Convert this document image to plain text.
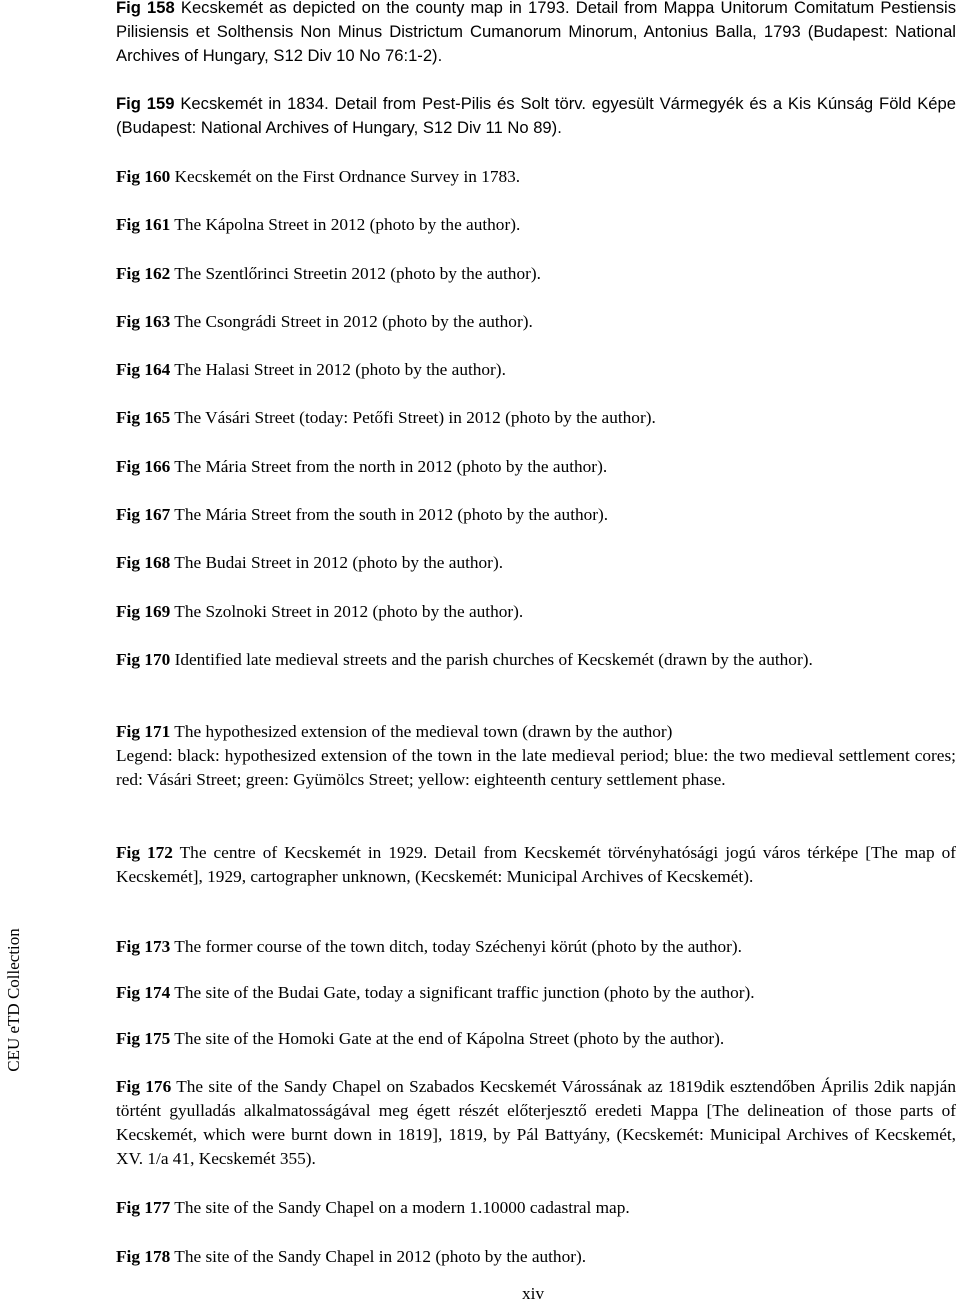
Fig 158 Kecskemét as depicted on the county map in 1793. Detail from Mappa Unitorum Comitatum Pestiensis Pilisiensis et Solthensis Non Minus Districtum Cumanorum Minorum, Antonius Balla, 1793 (Budapest: National Archives of Hungary, S12 Div 10 No 76:1-2).

Fig 159 Kecskemét in 1834. Detail from Pest-Pilis és Solt törv. egyesült Vármegyék és a Kis Kúnság Föld Képe (Budapest: National Archives of Hungary, S12 Div 11 No 89).

Fig 160 Kecskemét on the First Ordnance Survey in 1783.

Fig 161 The Kápolna Street in 2012 (photo by the author).

Fig 162 The Szentlőrinci Streetin 2012 (photo by the author).

Fig 163 The Csongrádi Street in 2012 (photo by the author).

Fig 164 The Halasi Street in 2012 (photo by the author).

Fig 165 The Vásári Street (today: Petőfi Street) in 2012 (photo by the author).

Fig 166 The Mária Street from the north in 2012 (photo by the author).

Fig 167 The Mária Street from the south in 2012 (photo by the author).

Fig 168 The Budai Street in 2012 (photo by the author).

Fig 169 The Szolnoki Street in 2012 (photo by the author).

Fig 170 Identified late medieval streets and the parish churches of Kecskemét (drawn by the author).

Fig 171 The hypothesized extension of the medieval town (drawn by the author)
Legend: black: hypothesized extension of the town in the late medieval period; blue: the two medieval settlement cores; red: Vásári Street; green: Gyümölcs Street; yellow: eighteenth century settlement phase.

Fig 172 The centre of Kecskemét in 1929. Detail from Kecskemét törvényhatósági jogú város térképe [The map of Kecskemét], 1929, cartographer unknown, (Kecskemét: Municipal Archives of Kecskemét).

Fig 173 The former course of the town ditch, today Széchenyi körút (photo by the author).

Fig 174 The site of the Budai Gate, today a significant traffic junction (photo by the author).

Fig 175 The site of the Homoki Gate at the end of Kápolna Street (photo by the author).

Fig 176 The site of the Sandy Chapel on Szabados Kecskemét Várossának az 1819dik esztendőben Április 2dik napján történt gyulladás alkalmatosságával meg égett részét előterjesztő eredeti Mappa [The delineation of those parts of Kecskemét, which were burnt down in 1819], 1819, by Pál Battyány, (Kecskemét: Municipal Archives of Kecskemét, XV. 1/a 41, Kecskemét 355).

Fig 177 The site of the Sandy Chapel on a modern 1.10000 cadastral map.

Fig 178 The site of the Sandy Chapel in 2012 (photo by the author).

CEU eTD Collection
xiv
